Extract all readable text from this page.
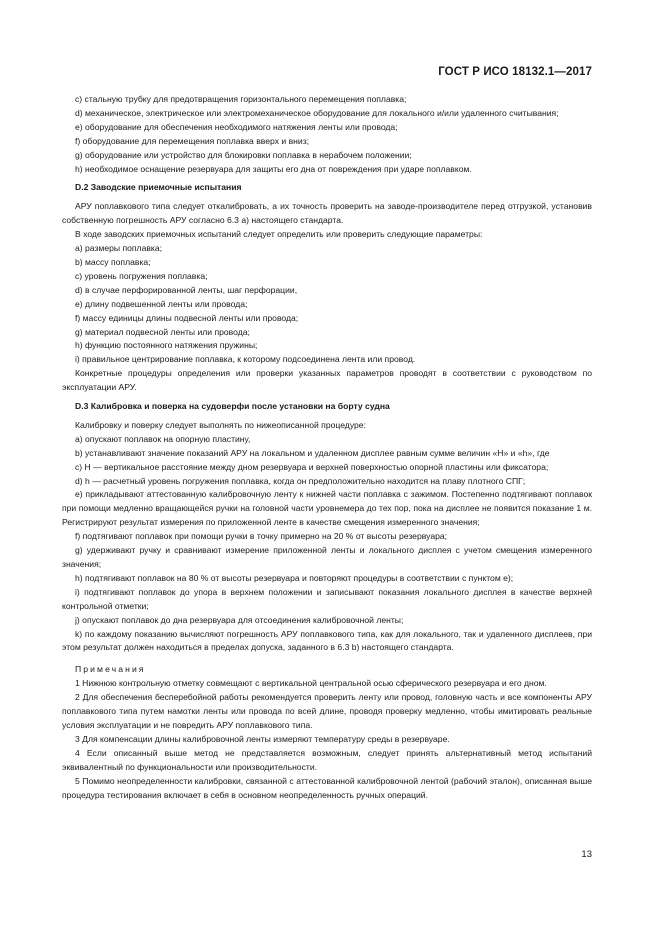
ГОСТ Р ИСО 18132.1—2017

с) стальную трубку для предотвращения горизонтального перемещения поплавка;

d) механическое, электрическое или электромеханическое оборудование для локального и/или удаленного считывания;

е) оборудование для обеспечения необходимого натяжения ленты или провода;

f) оборудование для перемещения поплавка вверх и вниз;

g) оборудование или устройство для блокировки поплавка в нерабочем положении;

h) необходимое оснащение резервуара для защиты его дна от повреждения при ударе поплавком.

D.2 Заводские приемочные испытания

АРУ поплавкового типа следует откалибровать, а их точность проверить на заводе-производителе перед отгрузкой, установив собственную погрешность АРУ согласно 6.3 а) настоящего стандарта.

В ходе заводских приемочных испытаний следует определить или проверить следующие параметры:

а) размеры поплавка;

b) массу поплавка;

с) уровень погружения поплавка;

d) в случае перфорированной ленты, шаг перфорации,

е) длину подвешенной ленты или провода;

f) массу единицы длины подвесной ленты или провода;

g) материал подвесной ленты или провода;

h) функцию постоянного натяжения пружины;

i) правильное центрирование поплавка, к которому подсоединена лента или провод.

Конкретные процедуры определения или проверки указанных параметров проводят в соответствии с руководством по эксплуатации АРУ.

D.3 Калибровка и поверка на судоверфи после установки на борту судна

Калибровку и поверку следует выполнять по нижеописанной процедуре:

а) опускают поплавок на опорную пластину,

b) устанавливают значение показаний АРУ на локальном и удаленном дисплее равным сумме величин «H» и «h», где

с) H — вертикальное расстояние между дном резервуара и верхней поверхностью опорной пластины или фиксатора;

d) h — расчетный уровень погружения поплавка, когда он предположительно находится на плаву плотного СПГ;

е) прикладывают аттестованную калибровочную ленту к нижней части поплавка с зажимом. Постепенно подтягивают поплавок при помощи медленно вращающейся ручки на головной части уровнемера до тех пор, пока на дисплее не появится показание 1 м. Регистрируют результат измерения по приложенной ленте в качестве смещения измеренного значения;

f) подтягивают поплавок при помощи ручки в точку примерно на 20 % от высоты резервуара;

g) удерживают ручку и сравнивают измерение приложенной ленты и локального дисплея с учетом смещения измеренного значения;

h) подтягивают поплавок на 80 % от высоты резервуара и повторяют процедуры в соответствии с пунктом е);

i) подтягивают поплавок до упора в верхнем положении и записывают показания локального дисплея в качестве верхней контрольной отметки;

j) опускают поплавок до дна резервуара для отсоединения калибровочной ленты;

k) по каждому показанию вычисляют погрешность АРУ поплавкового типа, как для локального, так и удаленного дисплеев, при этом результат должен находиться в пределах допуска, заданного в 6.3 b) настоящего стандарта.

Примечания

1 Нижнюю контрольную отметку совмещают с вертикальной центральной осью сферического резервуара и его дном.

2 Для обеспечения бесперебойной работы рекомендуется проверить ленту или провод, головную часть и все компоненты АРУ поплавкового типа путем намотки ленты или провода по всей длине, проводя проверку медленно, чтобы имитировать реальные условия эксплуатации и не повредить АРУ поплавкового типа.

3 Для компенсации длины калибровочной ленты измеряют температуру среды в резервуаре.

4 Если описанный выше метод не представляется возможным, следует принять альтернативный метод испытаний эквивалентный по функциональности или производительности.

5 Помимо неопределенности калибровки, связанной с аттестованной калибровочной лентой (рабочий эталон), описанная выше процедура тестирования включает в себя в основном неопределенность ручных операций.

13
